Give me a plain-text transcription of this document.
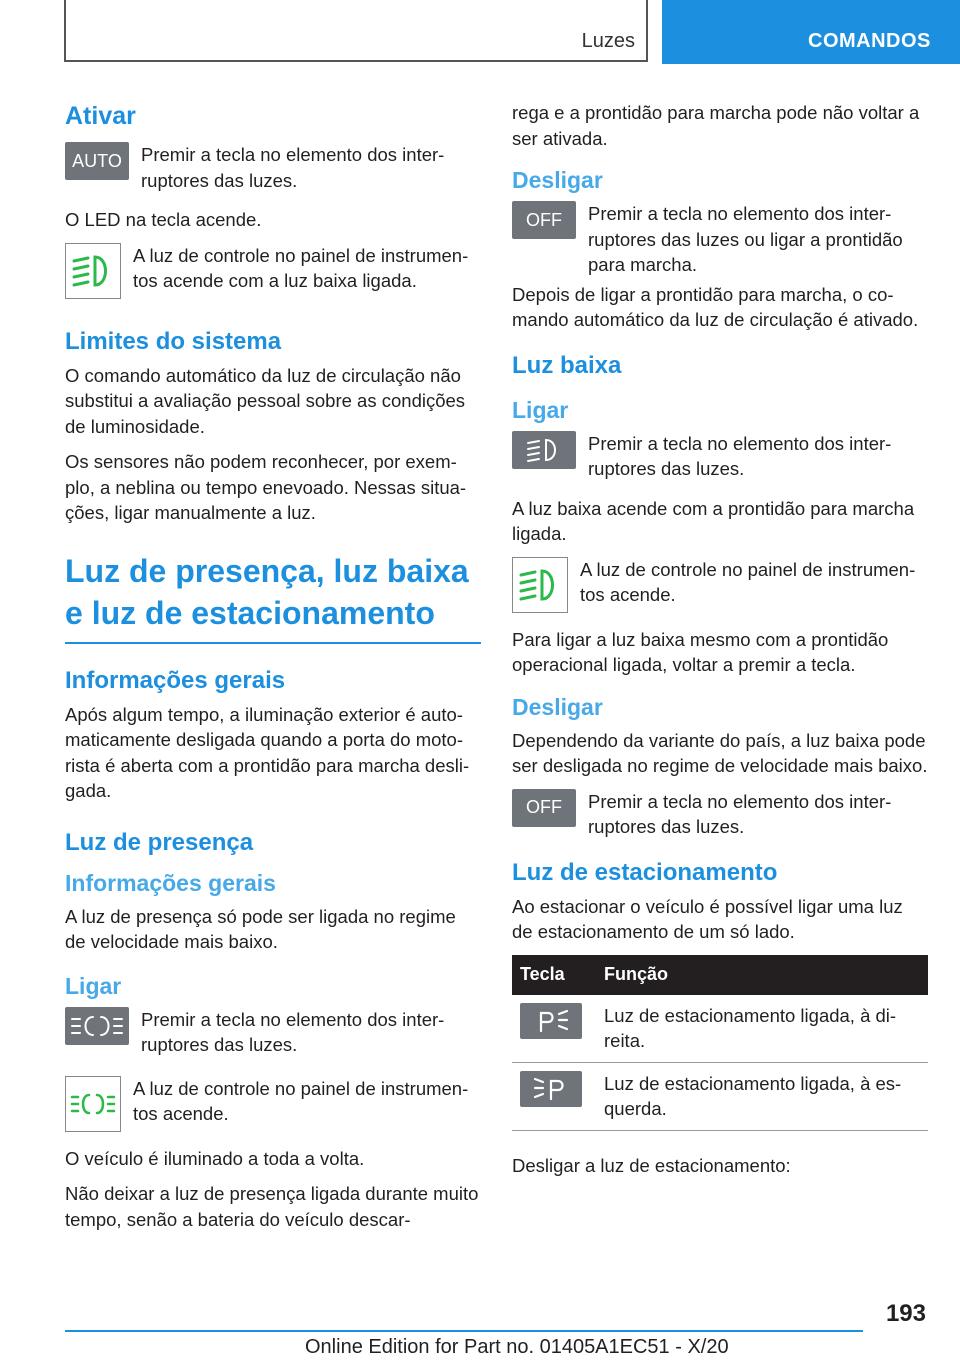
Luzes	COMANDOS
Ativar
AUTO Premir a tecla no elemento dos inter- ruptores das luzes.

O LED na tecla acende.

A luz de controle no painel de instrumen- tos acende com a luz baixa ligada.
Limites do sistema

O comando automático da luz de circulação não substitui a avaliação pessoal sobre as condições de luminosidade.

Os sensores não podem reconhecer, por exem- plo, a neblina ou tempo enevoado. Nessas situa- ções, ligar manualmente a luz.

Luz de presença, luz baixa e luz de estacionamento
Informações gerais

Após algum tempo, a iluminação exterior é auto- maticamente desligada quando a porta do moto- rista é aberta com a prontidão para marcha desli- gada.

Luz de presença
Informações gerais

A luz de presença só pode ser ligada no regime de velocidade mais baixo.

Ligar
Premir a tecla no elemento dos inter- ruptores das luzes.
A luz de controle no painel de instrumen- tos acende.

O veículo é iluminado a toda a volta.

Não deixar a luz de presença ligada durante muito tempo, senão a bateria do veículo descar-

rega e a prontidão para marcha pode não voltar a ser ativada.

Desligar
OFF Premir a tecla no elemento dos inter- ruptores das luzes ou ligar a prontidão para marcha.

Depois de ligar a prontidão para marcha, o co- mando automático da luz de circulação é ativado.

Luz baixa
Ligar
Premir a tecla no elemento dos inter- ruptores das luzes.

A luz baixa acende com a prontidão para marcha ligada.

A luz de controle no painel de instrumen- tos acende.

Para ligar a luz baixa mesmo com a prontidão operacional ligada, voltar a premir a tecla.

Desligar

Dependendo da variante do país, a luz baixa pode ser desligada no regime de velocidade mais baixo.

OFF Premir a tecla no elemento dos inter- ruptores das luzes.
Luz de estacionamento

Ao estacionar o veículo é possível ligar uma luz de estacionamento de um só lado.

Tecla	Função

	Luz de estacionamento ligada, à di- reita.

	Luz de estacionamento ligada, à es- querda.

Desligar a luz de estacionamento:

193
Online Edition for Part no. 01405A1EC51 - X/20
